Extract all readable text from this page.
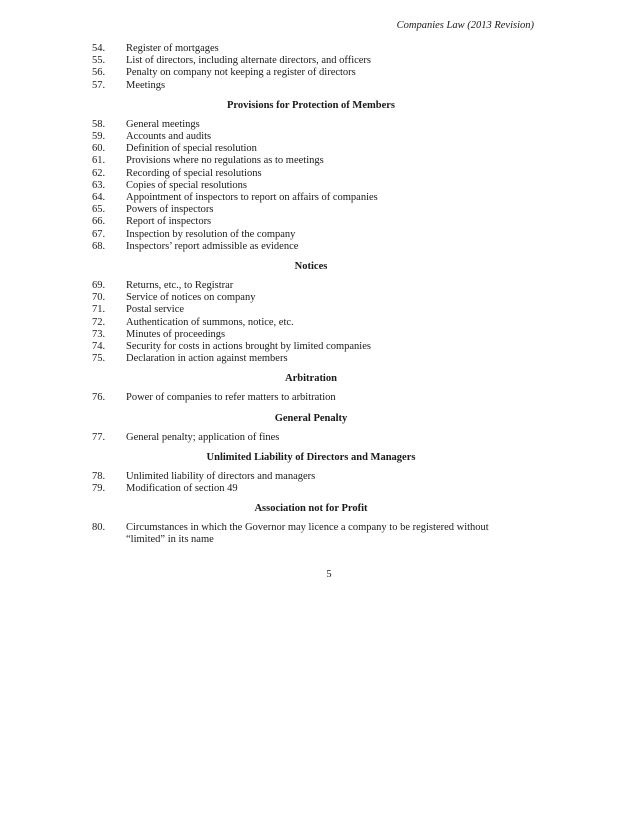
Companies Law (2013 Revision)
54.	Register of mortgages
55.	List of directors, including alternate directors, and officers
56.	Penalty on company not keeping a register of directors
57.	Meetings
Provisions for Protection of Members
58.	General meetings
59.	Accounts and audits
60.	Definition of special resolution
61.	Provisions where no regulations as to meetings
62.	Recording of special resolutions
63.	Copies of special resolutions
64.	Appointment of inspectors to report on affairs of companies
65.	Powers of inspectors
66.	Report of inspectors
67.	Inspection by resolution of the company
68.	Inspectors’ report admissible as evidence
Notices
69.	Returns, etc., to Registrar
70.	Service of notices on company
71.	Postal service
72.	Authentication of summons, notice, etc.
73.	Minutes of proceedings
74.	Security for costs in actions brought by limited companies
75.	Declaration in action against members
Arbitration
76.	Power of companies to refer matters to arbitration
General Penalty
77.	General penalty; application of fines
Unlimited Liability of Directors and Managers
78.	Unlimited liability of directors and managers
79.	Modification of section 49
Association not for Profit
80.	Circumstances in which the Governor may licence a company to be registered without “limited” in its name
5
